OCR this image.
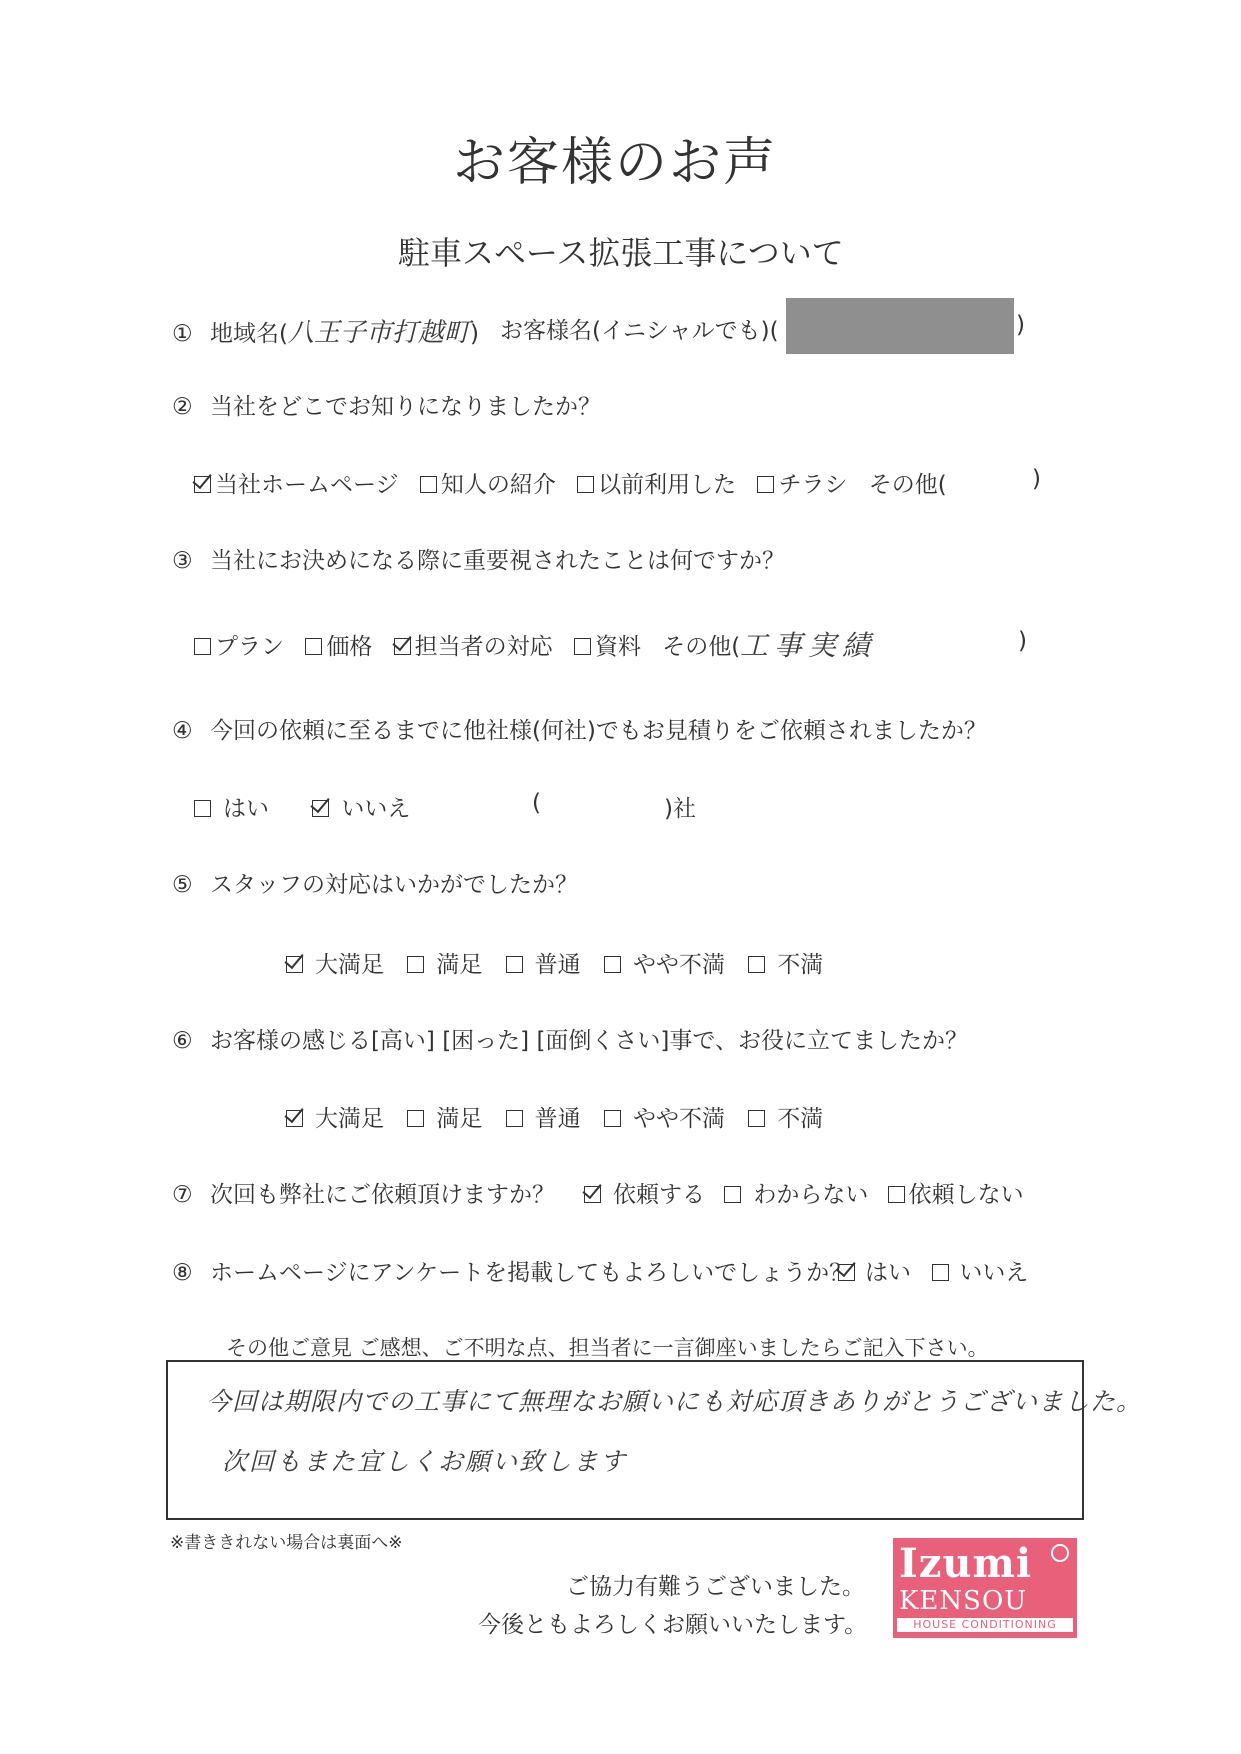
お客様のお声
駐車スペース拡張工事について
① 地域名(八王子市打越町) お客様名(イニシャルでも)(	)
② 当社をどこでお知りになりましたか？
当社ホームページ 知人の紹介 以前利用した チラシ その他(	)
③ 当社にお決めになる際に重要視されたことは何ですか？
プラン 価格 担当者の対応 資料 その他( 工事実績	)
④ 今回の依頼に至るまでに他社様(何社)でもお見積りをご依頼されましたか？
はい	いいえ	(	)社
⑤ スタッフの対応はいかがでしたか？
大満足 満足 普通 やや不満 不満
⑥ お客様の感じる[高い] [困った] [面倒くさい]事で、お役に立てましたか？
大満足 満足 普通 やや不満 不満
⑦ 次回も弊社にご依頼頂けますか？	依頼する わからない 依頼しない
⑧ ホームページにアンケートを掲載してもよろしいでしょうか？ はい いいえ
その他ご意見 ご感想、ご不明な点、担当者に一言御座いましたらご記入下さい。
今回は期限内での工事にて無理なお願いにも対応頂きありがとうございました。
次回もまた宜しくお願い致します
※書ききれない場合は裏面へ※
ご協力有難うございました。
今後ともよろしくお願いいたします。
Izumi
KENSOU
HOUSE CONDITIONING
